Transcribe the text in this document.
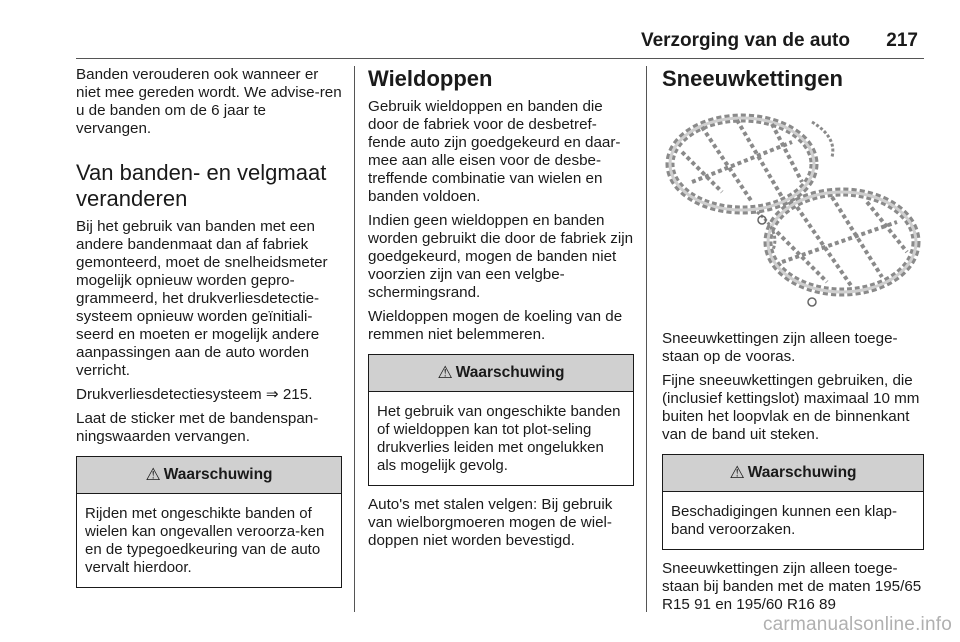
Verzorging van de auto 217

Banden verouderen ook wanneer er niet mee gereden wordt. We advise-ren u de banden om de 6 jaar te vervangen.

Van banden- en velgmaat veranderen

Bij het gebruik van banden met een andere bandenmaat dan af fabriek gemonteerd, moet de snelheidsmeter mogelijk opnieuw worden gepro-grammeerd, het drukverliesdetectie-systeem opnieuw worden geïnitiali-seerd en moeten er mogelijk andere aanpassingen aan de auto worden verricht.

Drukverliesdetectiesysteem ⇒ 215.

Laat de sticker met de bandenspan-ningswaarden vervangen.

⚠ Waarschuwing
Rijden met ongeschikte banden of wielen kan ongevallen veroorza-ken en de typegoedkeuring van de auto vervalt hierdoor.
Wieldoppen

Gebruik wieldoppen en banden die door de fabriek voor de desbetref-fende auto zijn goedgekeurd en daar-mee aan alle eisen voor de desbe-treffende combinatie van wielen en banden voldoen.

Indien geen wieldoppen en banden worden gebruikt die door de fabriek zijn goedgekeurd, mogen de banden niet voorzien zijn van een velgbe-schermingsrand.

Wieldoppen mogen de koeling van de remmen niet belemmeren.

⚠ Waarschuwing
Het gebruik van ongeschikte banden of wieldoppen kan tot plot-seling drukverlies leiden met ongelukken als mogelijk gevolg.

Auto's met stalen velgen: Bij gebruik van wielborgmoeren mogen de wiel-doppen niet worden bevestigd.

Sneeuwkettingen

Sneeuwkettingen zijn alleen toege-staan op de vooras.

Fijne sneeuwkettingen gebruiken, die (inclusief kettingslot) maximaal 10 mm buiten het loopvlak en de binnenkant van de band uit steken.

⚠ Waarschuwing
Beschadigingen kunnen een klap-band veroorzaken.

Sneeuwkettingen zijn alleen toege-staan bij banden met de maten 195/65 R15 91 en 195/60 R16 89

carmanualsonline.info
